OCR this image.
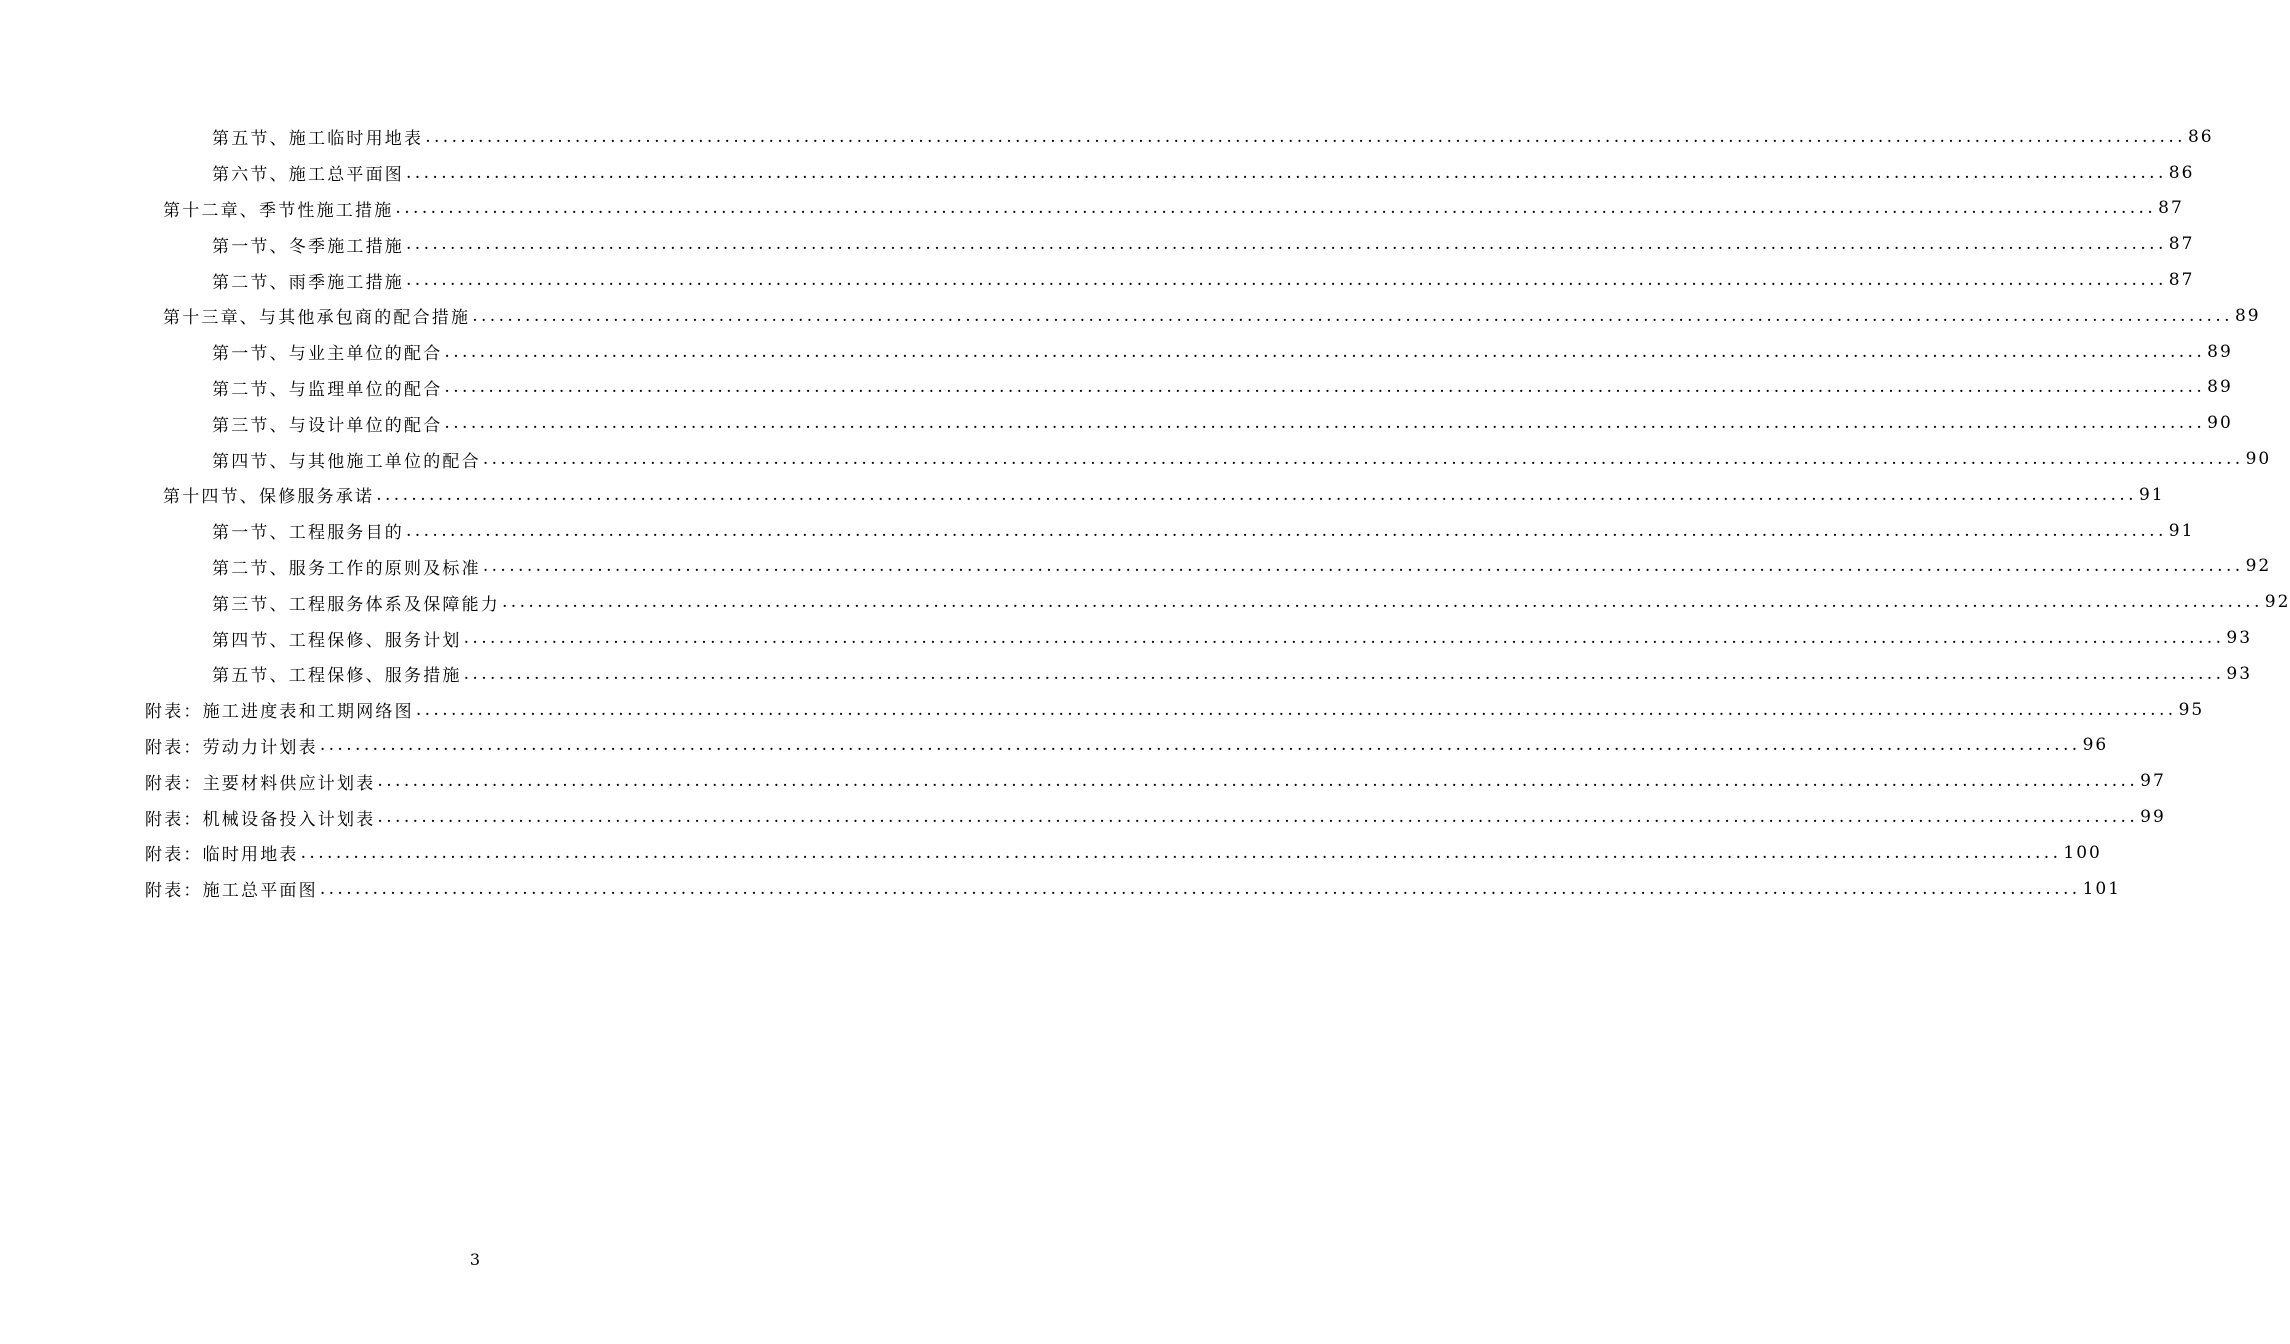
第五节、施工临时用地表 ........................................................................................................................................................................................................ 86
第六节、施工总平面图 ........................................................................................................................................................................................................ 86
第十二章、季节性施工措施 ........................................................................................................................................................................................................ 87
第一节、冬季施工措施 ........................................................................................................................................................................................................ 87
第二节、雨季施工措施 ........................................................................................................................................................................................................ 87
第十三章、与其他承包商的配合措施 ........................................................................................................................................................................................................ 89
第一节、与业主单位的配合 ........................................................................................................................................................................................................ 89
第二节、与监理单位的配合 ........................................................................................................................................................................................................ 89
第三节、与设计单位的配合 ........................................................................................................................................................................................................ 90
第四节、与其他施工单位的配合 ........................................................................................................................................................................................................ 90
第十四节、保修服务承诺 ........................................................................................................................................................................................................ 91
第一节、工程服务目的 ........................................................................................................................................................................................................ 91
第二节、服务工作的原则及标准 ........................................................................................................................................................................................................ 92
第三节、工程服务体系及保障能力 ........................................................................................................................................................................................................ 92
第四节、工程保修、服务计划 ........................................................................................................................................................................................................ 93
第五节、工程保修、服务措施 ........................................................................................................................................................................................................ 93
附表：施工进度表和工期网络图 ........................................................................................................................................................................................................ 95
附表：劳动力计划表 ........................................................................................................................................................................................................ 96
附表：主要材料供应计划表 ........................................................................................................................................................................................................ 97
附表：机械设备投入计划表 ........................................................................................................................................................................................................ 99
附表：临时用地表 ........................................................................................................................................................................................................ 100
附表：施工总平面图 ........................................................................................................................................................................................................ 101
3
